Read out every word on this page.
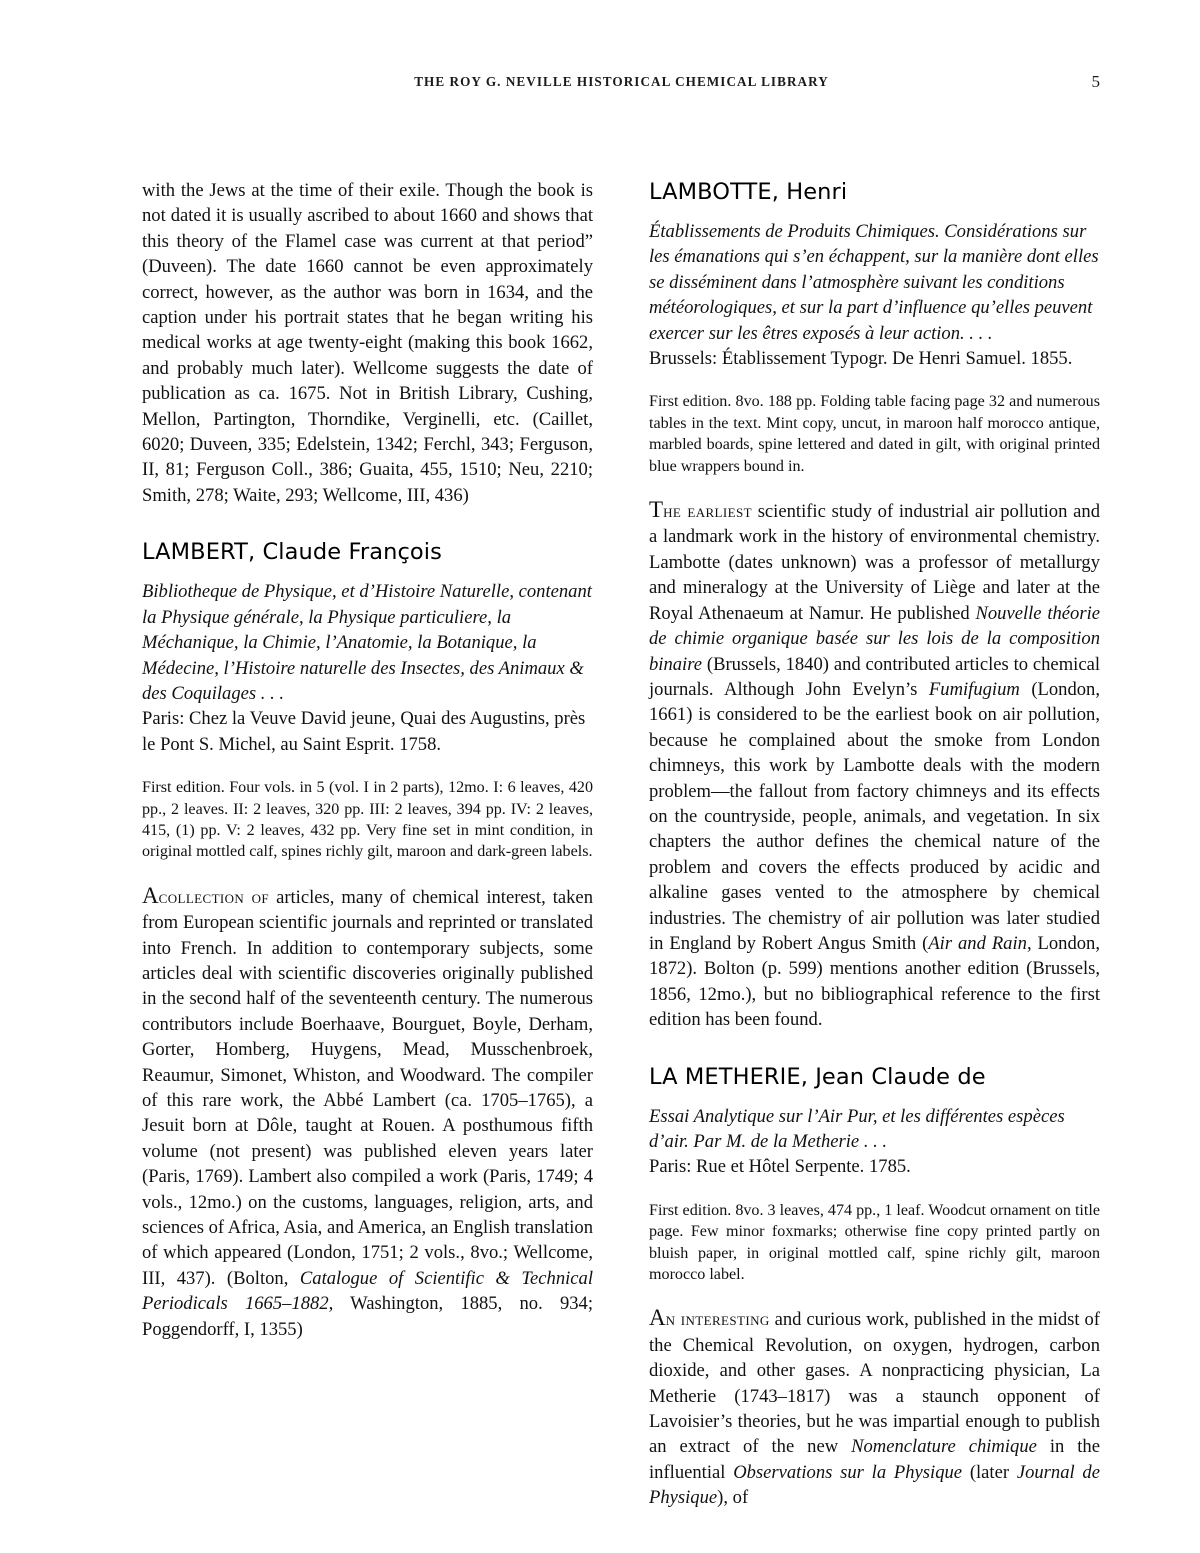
THE ROY G. NEVILLE HISTORICAL CHEMICAL LIBRARY	5

with the Jews at the time of their exile. Though the book is not dated it is usually ascribed to about 1660 and shows that this theory of the Flamel case was current at that period” (Duveen). The date 1660 cannot be even approximately correct, however, as the author was born in 1634, and the caption under his portrait states that he began writing his medical works at age twenty-eight (making this book 1662, and probably much later). Wellcome suggests the date of publication as ca. 1675. Not in British Library, Cushing, Mellon, Partington, Thorndike, Verginelli, etc. (Caillet, 6020; Duveen, 335; Edelstein, 1342; Ferchl, 343; Ferguson, II, 81; Ferguson Coll., 386; Guaita, 455, 1510; Neu, 2210; Smith, 278; Waite, 293; Wellcome, III, 436)

LAMBERT, Claude François

Bibliotheque de Physique, et d’Histoire Naturelle, contenant la Physique générale, la Physique particuliere, la Méchanique, la Chimie, l’Anatomie, la Botanique, la Médecine, l’Histoire naturelle des Insectes, des Animaux & des Coquilages . . .

Paris: Chez la Veuve David jeune, Quai des Augustins, près le Pont S. Michel, au Saint Esprit. 1758.

First edition. Four vols. in 5 (vol. I in 2 parts), 12mo. I: 6 leaves, 420 pp., 2 leaves. II: 2 leaves, 320 pp. III: 2 leaves, 394 pp. IV: 2 leaves, 415, (1) pp. V: 2 leaves, 432 pp. Very fine set in mint condition, in original mottled calf, spines richly gilt, maroon and dark-green labels.

Acollection of articles, many of chemical interest, taken from European scientific journals and reprinted or translated into French. In addition to contemporary subjects, some articles deal with scientific discoveries originally published in the second half of the seventeenth century. The numerous contributors include Boerhaave, Bourguet, Boyle, Derham, Gorter, Homberg, Huygens, Mead, Musschenbroek, Reaumur, Simonet, Whiston, and Woodward. The compiler of this rare work, the Abbé Lambert (ca. 1705–1765), a Jesuit born at Dôle, taught at Rouen. A posthumous fifth volume (not present) was published eleven years later (Paris, 1769). Lambert also compiled a work (Paris, 1749; 4 vols., 12mo.) on the customs, languages, religion, arts, and sciences of Africa, Asia, and America, an English translation of which appeared (London, 1751; 2 vols., 8vo.; Wellcome, III, 437). (Bolton, Catalogue of Scientific & Technical Periodicals 1665–1882, Washington, 1885, no. 934; Poggendorff, I, 1355)

LAMBOTTE, Henri

Établissements de Produits Chimiques. Considérations sur les émanations qui s’en échappent, sur la manière dont elles se disséminent dans l’atmosphère suivant les conditions météorologiques, et sur la part d’influence qu’elles peuvent exercer sur les êtres exposés à leur action. . . .

Brussels: Établissement Typogr. De Henri Samuel. 1855.

First edition. 8vo. 188 pp. Folding table facing page 32 and numerous tables in the text. Mint copy, uncut, in maroon half morocco antique, marbled boards, spine lettered and dated in gilt, with original printed blue wrappers bound in.

The earliest scientific study of industrial air pollution and a landmark work in the history of environmental chemistry. Lambotte (dates unknown) was a professor of metallurgy and mineralogy at the University of Liège and later at the Royal Athenaeum at Namur. He published Nouvelle théorie de chimie organique basée sur les lois de la composition binaire (Brussels, 1840) and contributed articles to chemical journals. Although John Evelyn’s Fumifugium (London, 1661) is considered to be the earliest book on air pollution, because he complained about the smoke from London chimneys, this work by Lambotte deals with the modern problem—the fallout from factory chimneys and its effects on the countryside, people, animals, and vegetation. In six chapters the author defines the chemical nature of the problem and covers the effects produced by acidic and alkaline gases vented to the atmosphere by chemical industries. The chemistry of air pollution was later studied in England by Robert Angus Smith (Air and Rain, London, 1872). Bolton (p. 599) mentions another edition (Brussels, 1856, 12mo.), but no bibliographical reference to the first edition has been found.

LA METHERIE, Jean Claude de

Essai Analytique sur l’Air Pur, et les différentes espèces d’air. Par M. de la Metherie . . .

Paris: Rue et Hôtel Serpente. 1785.

First edition. 8vo. 3 leaves, 474 pp., 1 leaf. Woodcut ornament on title page. Few minor foxmarks; otherwise fine copy printed partly on bluish paper, in original mottled calf, spine richly gilt, maroon morocco label.

An interesting and curious work, published in the midst of the Chemical Revolution, on oxygen, hydrogen, carbon dioxide, and other gases. A nonpracticing physician, La Metherie (1743–1817) was a staunch opponent of Lavoisier’s theories, but he was impartial enough to publish an extract of the new Nomenclature chimique in the influential Observations sur la Physique (later Journal de Physique), of
